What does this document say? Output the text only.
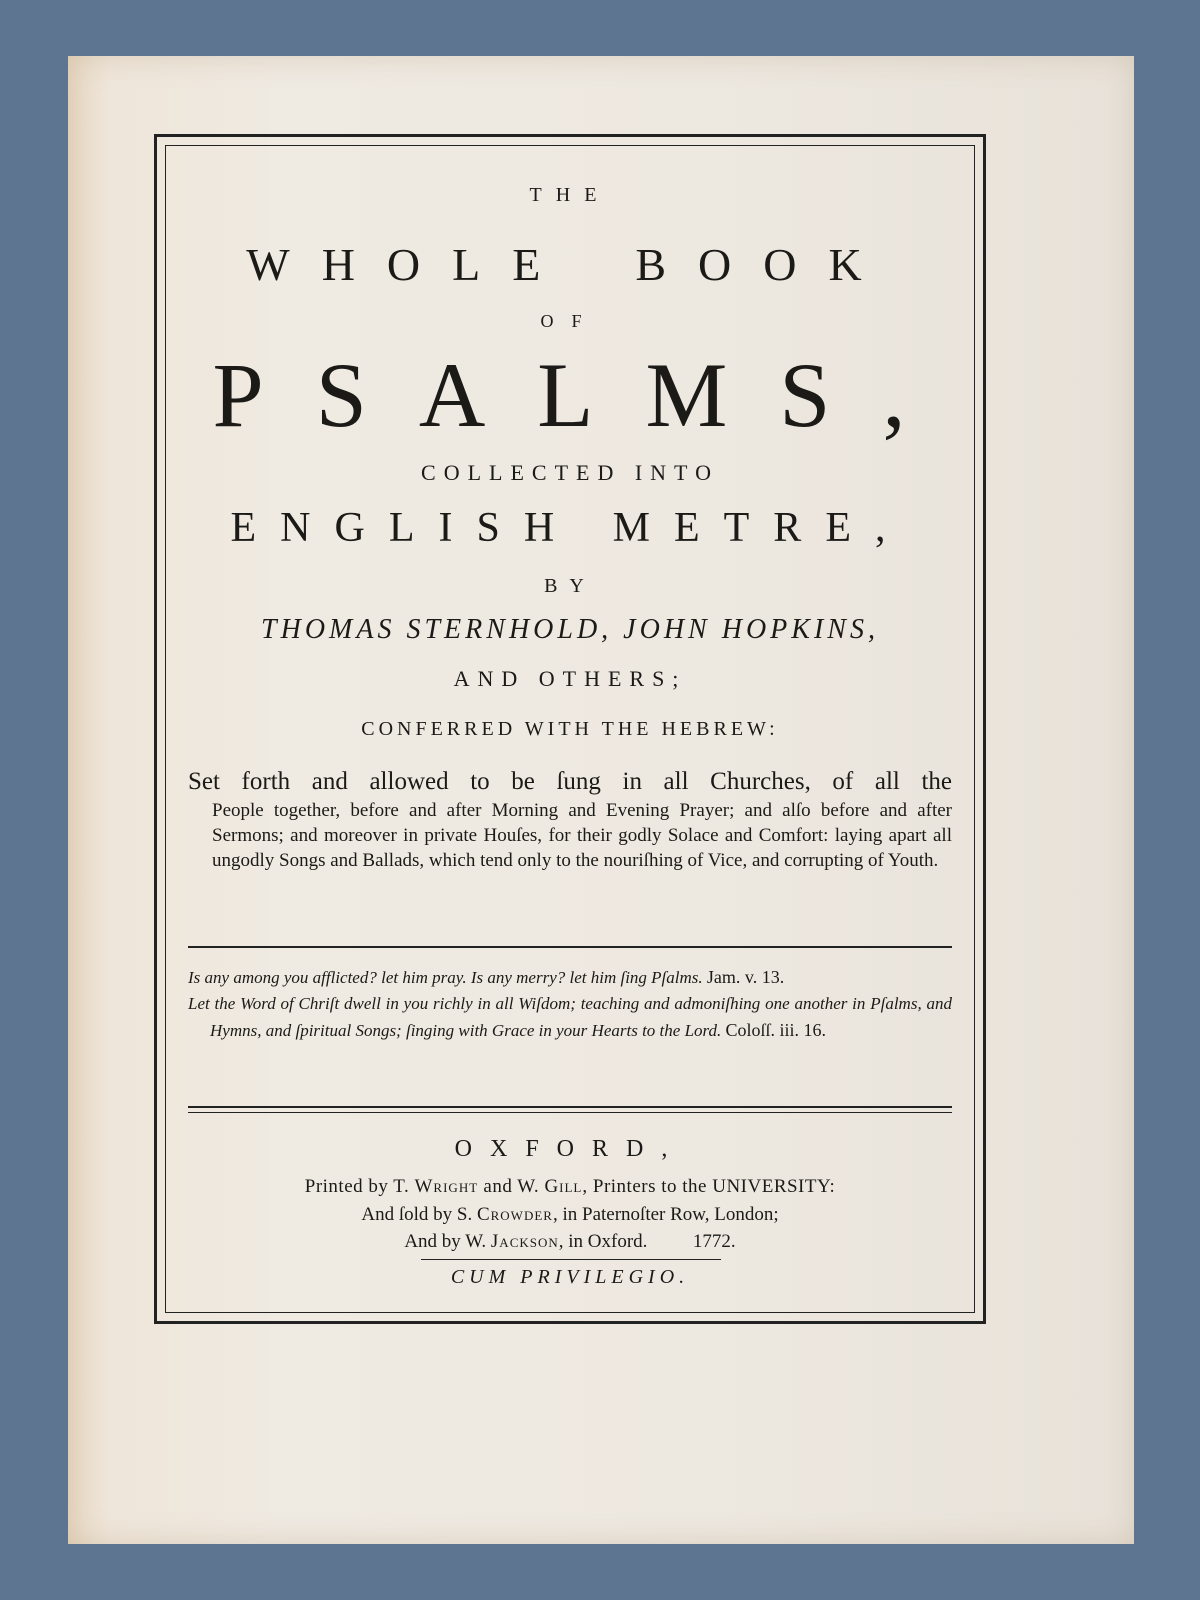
THE
WHOLE BOOK
OF
PSALMS,
COLLECTED INTO
ENGLISH METRE,
BY
THOMAS STERNHOLD, JOHN HOPKINS,
AND OTHERS;
CONFERRED WITH THE HEBREW:
Set forth and allowed to be ſung in all Churches, of all the
People together, before and after Morning and Evening Prayer; and alſo before and after Sermons; and moreover in private Houſes, for their godly Solace and Comfort: laying apart all ungodly Songs and Ballads, which tend only to the nouriſhing of Vice, and corrupting of Youth.
Is any among you afflicted? let him pray. Is any merry? let him ſing Pſalms. Jam. v. 13.
Let the Word of Chriſt dwell in you richly in all Wiſdom; teaching and admoniſhing one another in Pſalms, and Hymns, and ſpiritual Songs; ſinging with Grace in your Hearts to the Lord. Coloſſ. iii. 16.
OXFORD,
Printed by T. Wright and W. Gill, Printers to the UNIVERSITY:
And ſold by S. Crowder, in Paternoſter Row, London;
And by W. Jackson, in Oxford. 1772.
CUM PRIVILEGIO.
